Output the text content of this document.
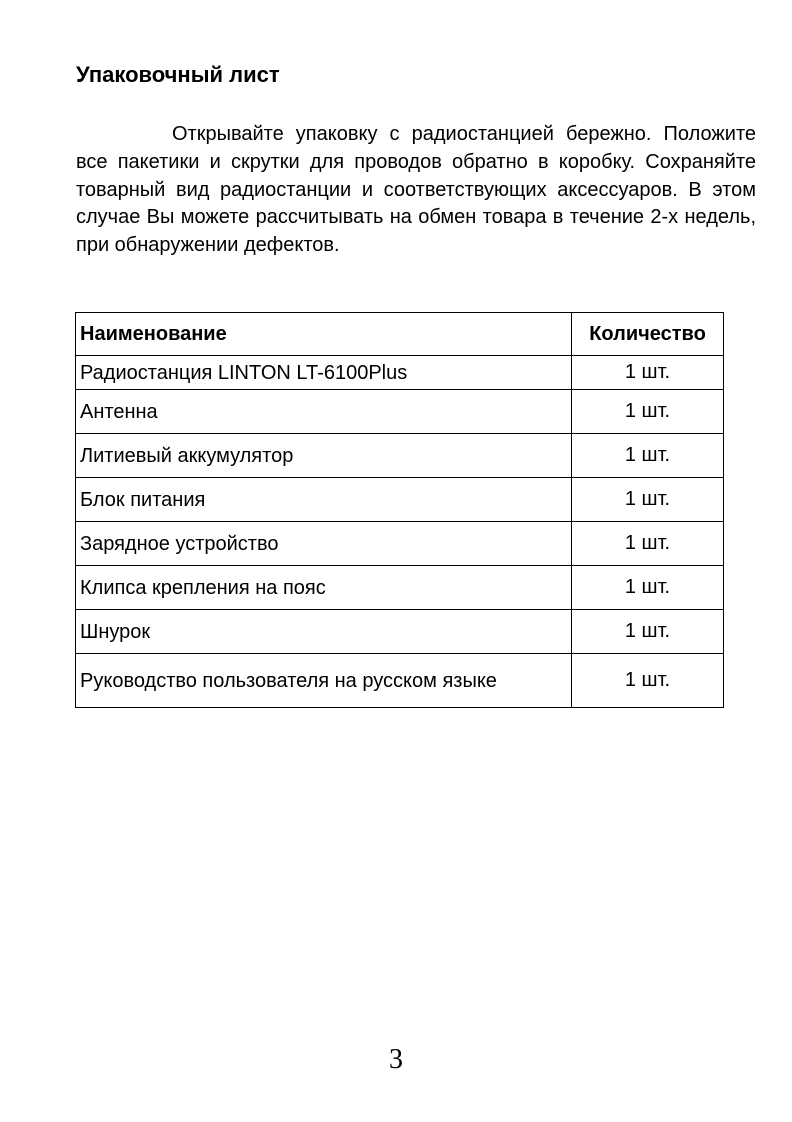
Упаковочный лист

Открывайте упаковку с радиостанцией бережно. Положите все пакетики и скрутки для проводов обратно в коробку. Сохраняйте товарный вид радиостанции и соответствующих аксессуаров. В этом случае Вы можете рассчитывать на обмен товара в течение 2-х недель, при обнаружении дефектов.

Наименование	Количество
Радиостанция LINTON LT-6100Plus	1 шт.
Антенна	1 шт.
Литиевый аккумулятор	1 шт.
Блок питания	1 шт.
Зарядное устройство	1 шт.
Клипса крепления на пояс	1 шт.
Шнурок	1 шт.
Руководство пользователя на русском языке	1 шт.
3
